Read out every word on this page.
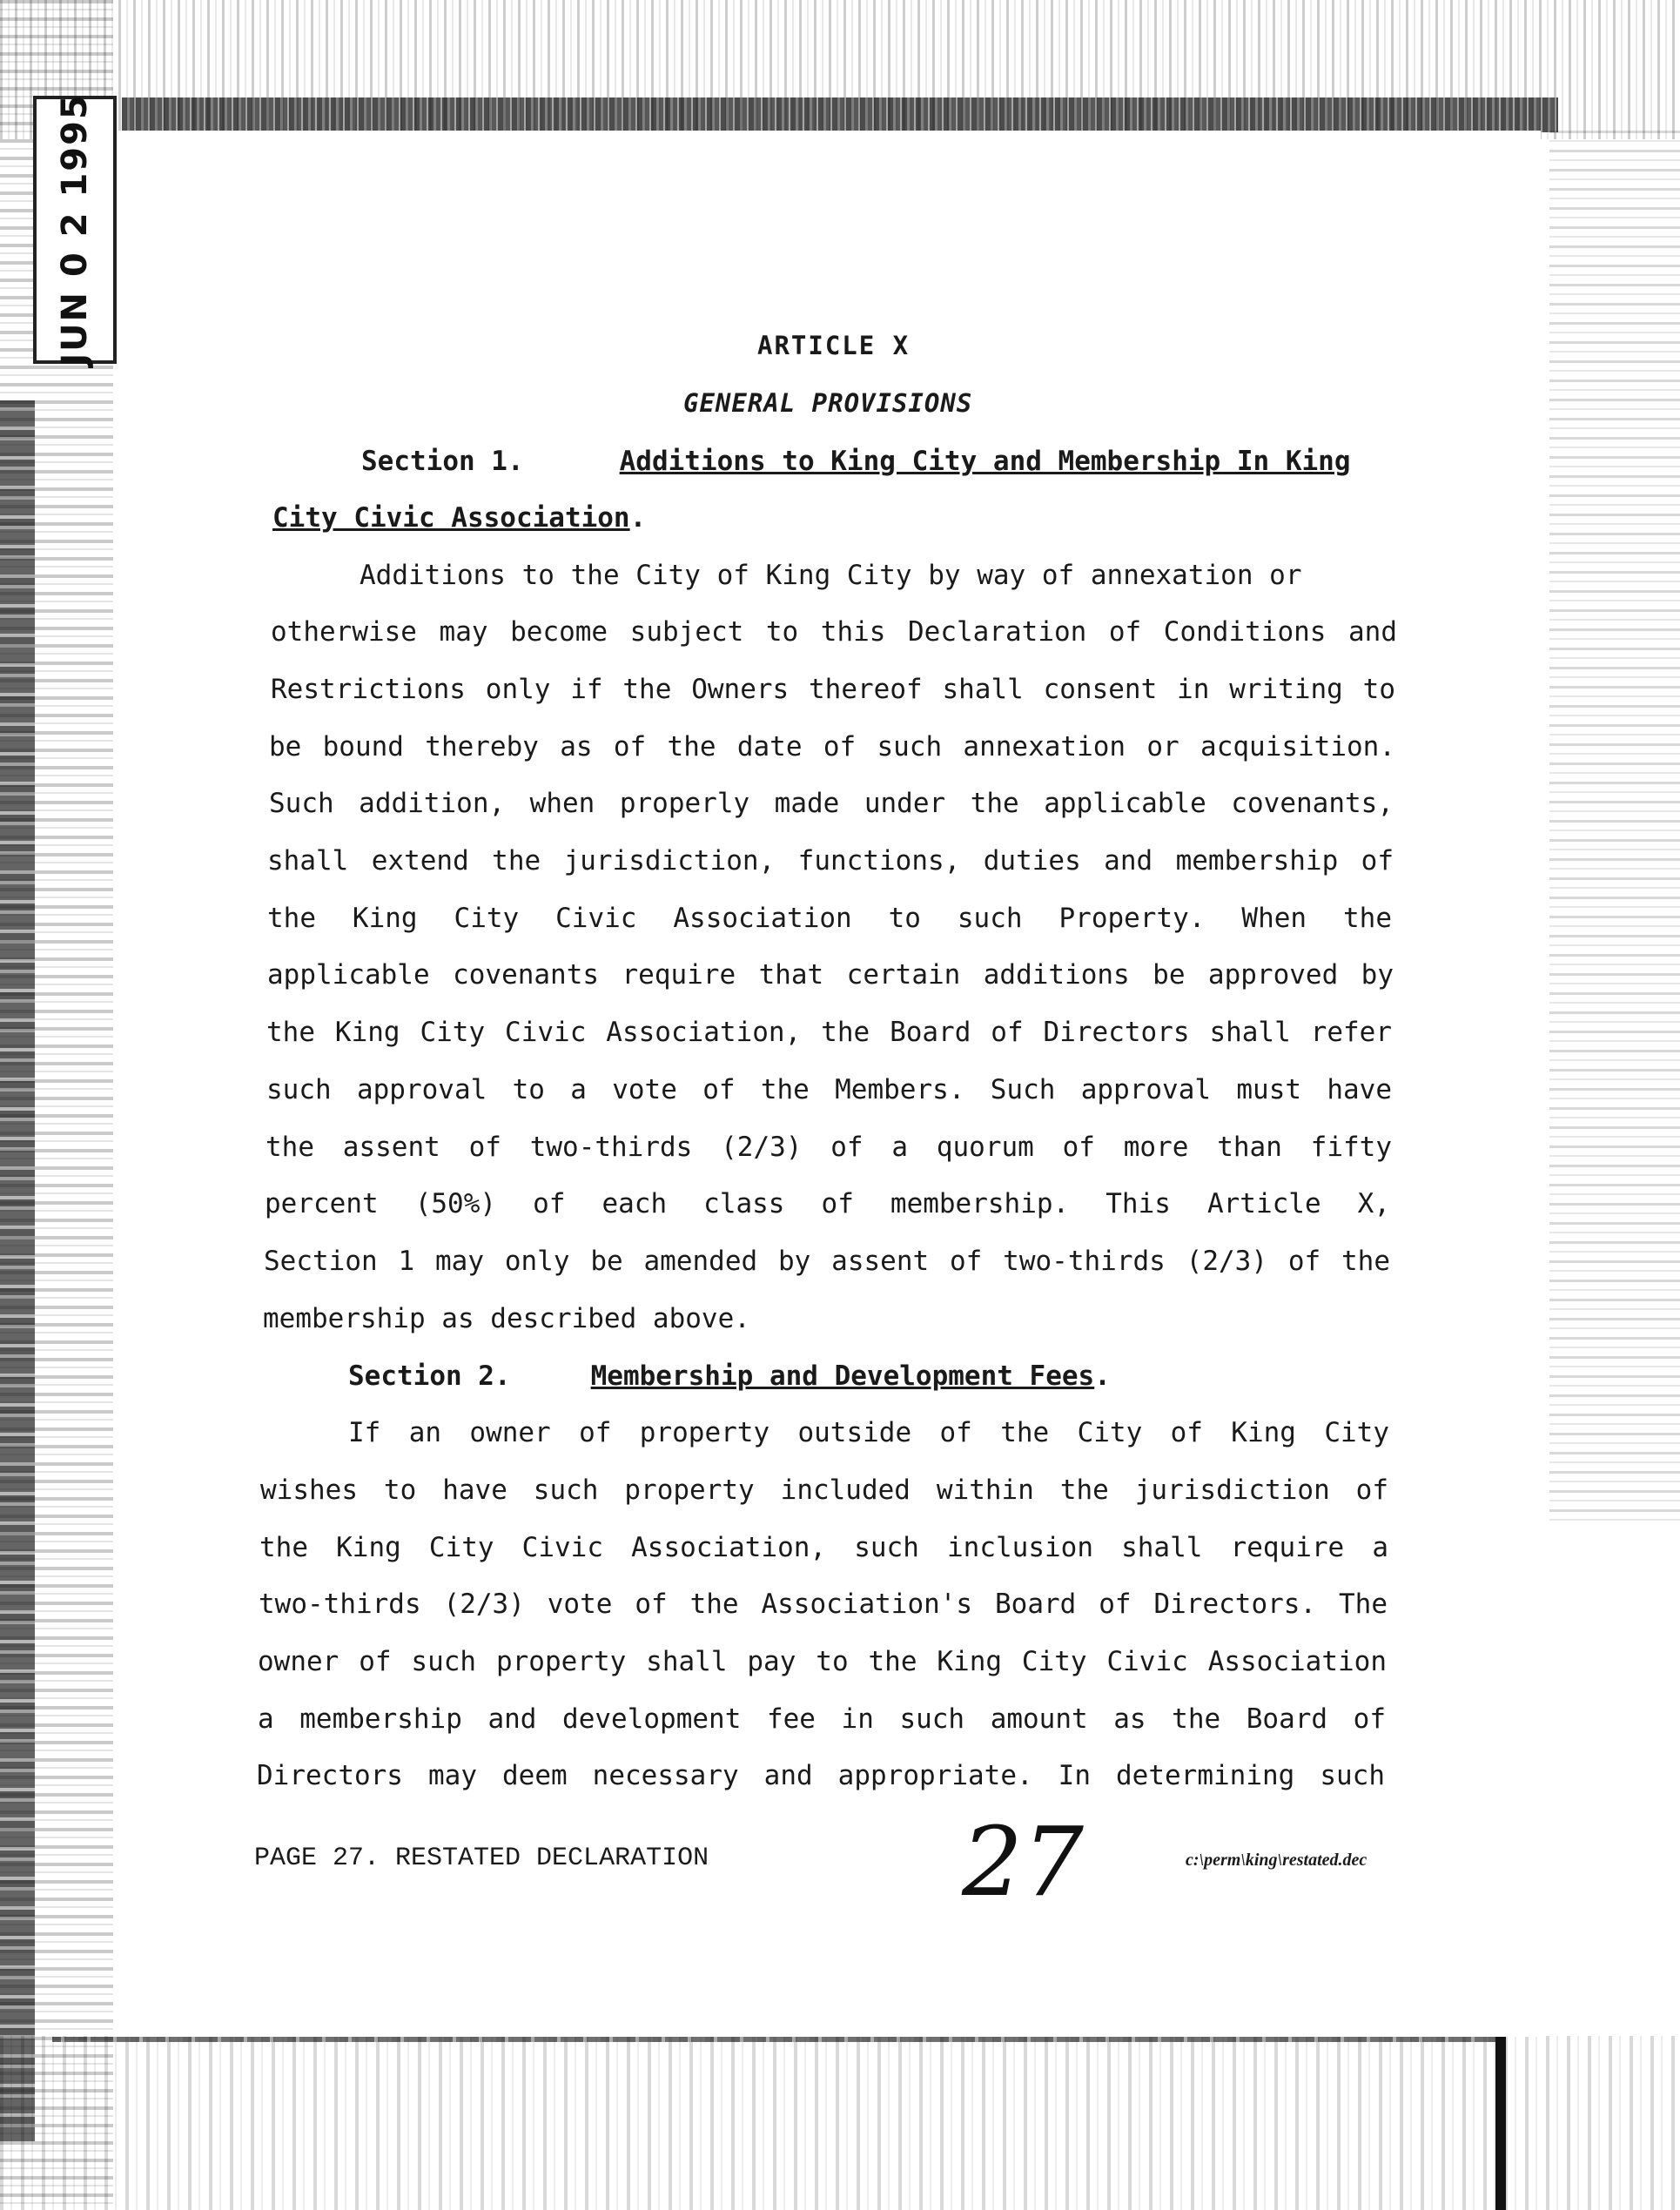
JUN 0 2 1995	ARTICLE X
GENERAL PROVISIONS
Section 1.	Additions to King City and Membership In King
City Civic Association.
Additions to the City of King City by way of annexation or
otherwise may become subject to this Declaration of Conditions and
Restrictions only if the Owners thereof shall consent in writing to
be bound thereby as of the date of such annexation or acquisition.
Such addition, when properly made under the applicable covenants,
shall extend the jurisdiction, functions, duties and membership of
the King City Civic Association to such Property. When the
applicable covenants require that certain additions be approved by
the King City Civic Association, the Board of Directors shall refer
such approval to a vote of the Members. Such approval must have
the assent of two-thirds (2/3) of a quorum of more than fifty
percent (50%) of each class of membership. This Article X,
Section 1 may only be amended by assent of two-thirds (2/3) of the
membership as described above.
Section 2.	Membership and Development Fees.
If an owner of property outside of the City of King City
wishes to have such property included within the jurisdiction of
the King City Civic Association, such inclusion shall require a
two-thirds (2/3) vote of the Association's Board of Directors. The
owner of such property shall pay to the King City Civic Association
a membership and development fee in such amount as the Board of
Directors may deem necessary and appropriate. In determining such
PAGE 27. RESTATED DECLARATION	27	c:\perm\king\restated.dec
